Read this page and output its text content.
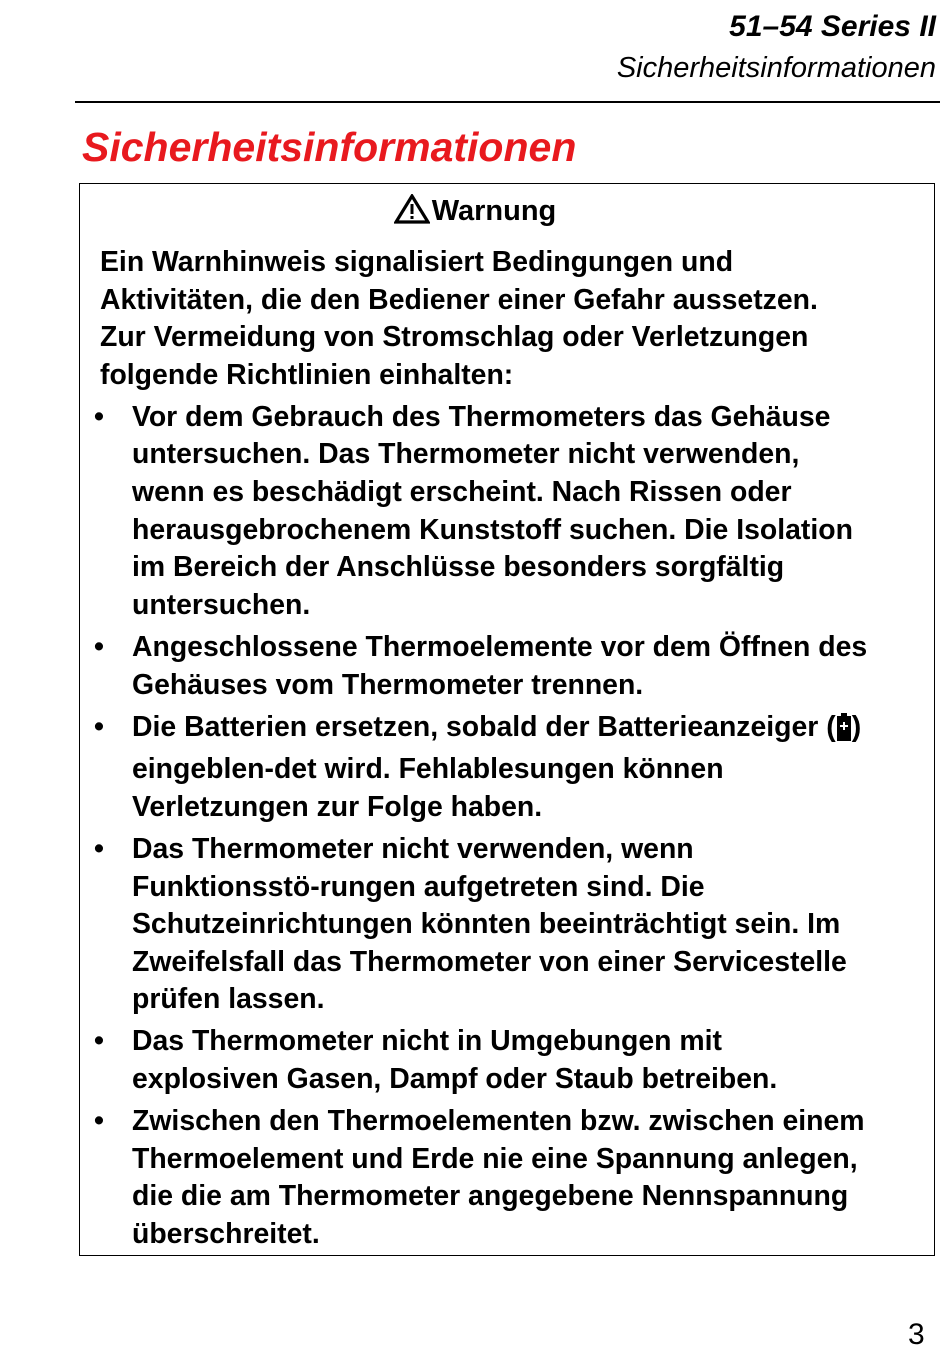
51–54 Series II
Sicherheitsinformationen
Sicherheitsinformationen
Warnung
Ein Warnhinweis signalisiert Bedingungen und
Aktivitäten, die den Bediener einer Gefahr aussetzen.
Zur Vermeidung von Stromschlag oder Verletzungen
folgende Richtlinien einhalten:
• Vor dem Gebrauch des Thermometers das Gehäuse
untersuchen. Das Thermometer nicht verwenden,
wenn es beschädigt erscheint. Nach Rissen oder
herausgebrochenem Kunststoff suchen. Die Isolation
im Bereich der Anschlüsse besonders sorgfältig
untersuchen.
• Angeschlossene Thermoelemente vor dem Öffnen des
Gehäuses vom Thermometer trennen.
• Die Batterien ersetzen, sobald der Batterieanzeiger ( )
eingeblen-det wird. Fehlablesungen können
Verletzungen zur Folge haben.
• Das Thermometer nicht verwenden, wenn
Funktionsstö-rungen aufgetreten sind. Die
Schutzeinrichtungen könnten beeinträchtigt sein. Im
Zweifelsfall das Thermometer von einer Servicestelle
prüfen lassen.
• Das Thermometer nicht in Umgebungen mit
explosiven Gasen, Dampf oder Staub betreiben.
• Zwischen den Thermoelementen bzw. zwischen einem
Thermoelement und Erde nie eine Spannung anlegen,
die die am Thermometer angegebene Nennspannung
überschreitet.
3
